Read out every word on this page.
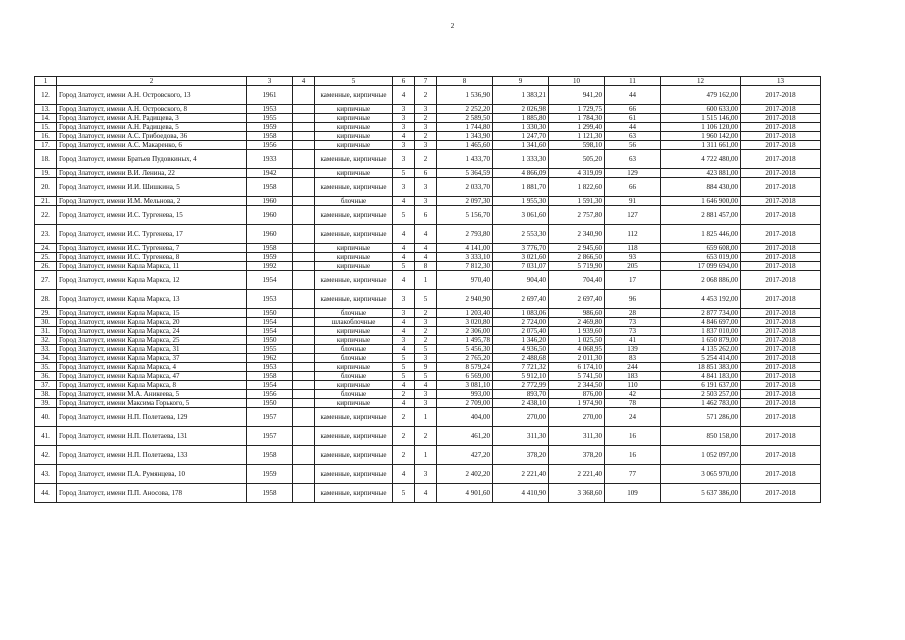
2
1	2	3	4	5	6	7	8	9	10	11	12	13
12.	Город Златоуст, имени А.Н. Островского, 13	1961		каменные, кирпичные	4	2	1 536,90	1 383,21	941,20	44	479 162,00	2017-2018
13.	Город Златоуст, имени А.Н. Островского, 8	1953		кирпичные	3	3	2 252,20	2 026,98	1 729,75	66	600 633,00	2017-2018
14.	Город Златоуст, имени А.Н. Радищева, 3	1955		кирпичные	3	2	2 589,50	1 885,80	1 784,30	61	1 515 146,00	2017-2018
15.	Город Златоуст, имени А.Н. Радищева, 5	1959		кирпичные	3	3	1 744,80	1 330,30	1 299,40	44	1 106 120,00	2017-2018
16.	Город Златоуст, имени А.С. Грибоедова, 36	1958		кирпичные	4	2	1 343,90	1 247,70	1 121,30	63	1 960 142,00	2017-2018
17.	Город Златоуст, имени А.С. Макаренко, 6	1956		кирпичные	3	3	1 465,60	1 341,60	598,10	56	1 311 661,00	2017-2018
18.	Город Златоуст, имени Братьев Пудовкиных, 4	1933		каменные, кирпичные	3	2	1 433,70	1 333,30	505,20	63	4 722 480,00	2017-2018
19.	Город Златоуст, имени В.И. Ленина, 22	1942		кирпичные	5	6	5 364,59	4 866,09	4 319,09	129	423 881,00	2017-2018
20.	Город Златоуст, имени И.И. Шишкина, 5	1958		каменные, кирпичные	3	3	2 033,70	1 881,70	1 822,60	66	884 430,00	2017-2018
21.	Город Златоуст, имени И.М. Мельнова, 2	1960		блочные	4	3	2 097,30	1 955,30	1 591,30	91	1 646 900,00	2017-2018
22.	Город Златоуст, имени И.С. Тургенева, 15	1960		каменные, кирпичные	5	6	5 156,70	3 061,60	2 757,80	127	2 881 457,00	2017-2018
23.	Город Златоуст, имени И.С. Тургенева, 17	1960		каменные, кирпичные	4	4	2 793,80	2 553,30	2 340,90	112	1 825 446,00	2017-2018
24.	Город Златоуст, имени И.С. Тургенева, 7	1958		кирпичные	4	4	4 141,00	3 776,70	2 945,60	118	659 608,00	2017-2018
25.	Город Златоуст, имени И.С. Тургенева, 8	1959		кирпичные	4	4	3 333,10	3 021,60	2 866,50	93	653 019,00	2017-2018
26.	Город Златоуст, имени Карла Маркса, 11	1992		кирпичные	5	8	7 812,30	7 031,07	5 719,90	205	17 099 694,00	2017-2018
27.	Город Златоуст, имени Карла Маркса, 12	1954		каменные, кирпичные	4	1	970,40	904,40	704,40	17	2 068 886,00	2017-2018
28.	Город Златоуст, имени Карла Маркса, 13	1953		каменные, кирпичные	3	5	2 940,90	2 697,40	2 697,40	96	4 453 192,00	2017-2018
29.	Город Златоуст, имени Карла Маркса, 15	1950		блочные	3	2	1 203,40	1 083,06	986,60	28	2 877 734,00	2017-2018
30.	Город Златоуст, имени Карла Маркса, 20	1954		шлакоблочные	4	3	3 020,80	2 724,00	2 469,80	73	4 846 697,00	2017-2018
31.	Город Златоуст, имени Карла Маркса, 24	1954		кирпичные	4	2	2 306,00	2 075,40	1 939,60	73	1 837 010,00	2017-2018
32.	Город Златоуст, имени Карла Маркса, 25	1950		кирпичные	3	2	1 495,78	1 346,20	1 025,50	41	1 650 879,00	2017-2018
33.	Город Златоуст, имени Карла Маркса, 31	1955		блочные	4	5	5 456,30	4 936,50	4 068,95	139	4 135 262,00	2017-2018
34.	Город Златоуст, имени Карла Маркса, 37	1962		блочные	5	3	2 765,20	2 488,68	2 011,30	83	5 254 414,00	2017-2018
35.	Город Златоуст, имени Карла Маркса, 4	1953		кирпичные	5	9	8 579,24	7 721,32	6 174,10	244	18 851 383,00	2017-2018
36.	Город Златоуст, имени Карла Маркса, 47	1958		блочные	5	5	6 569,00	5 912,10	5 741,50	183	4 841 183,00	2017-2018
37.	Город Златоуст, имени Карла Маркса, 8	1954		кирпичные	4	4	3 081,10	2 772,99	2 344,50	110	6 191 637,00	2017-2018
38.	Город Златоуст, имени М.А. Аникеева, 5	1956		блочные	2	3	993,00	893,70	876,00	42	2 503 257,00	2017-2018
39.	Город Златоуст, имени Максима Горького, 5	1950		кирпичные	4	3	2 709,00	2 438,10	1 974,90	78	1 462 783,00	2017-2018
40.	Город Златоуст, имени Н.П. Полетаева, 129	1957		каменные, кирпичные	2	1	404,00	270,00	270,00	24	571 286,00	2017-2018
41.	Город Златоуст, имени Н.П. Полетаева, 131	1957		каменные, кирпичные	2	2	461,20	311,30	311,30	16	850 158,00	2017-2018
42.	Город Златоуст, имени Н.П. Полетаева, 133	1958		каменные, кирпичные	2	1	427,20	378,20	378,20	16	1 052 097,00	2017-2018
43.	Город Златоуст, имени П.А. Румянцева, 10	1959		каменные, кирпичные	4	3	2 402,20	2 221,40	2 221,40	77	3 065 970,00	2017-2018
44.	Город Златоуст, имени П.П. Аносова, 178	1958		каменные, кирпичные	5	4	4 901,60	4 410,90	3 368,60	109	5 637 386,00	2017-2018
